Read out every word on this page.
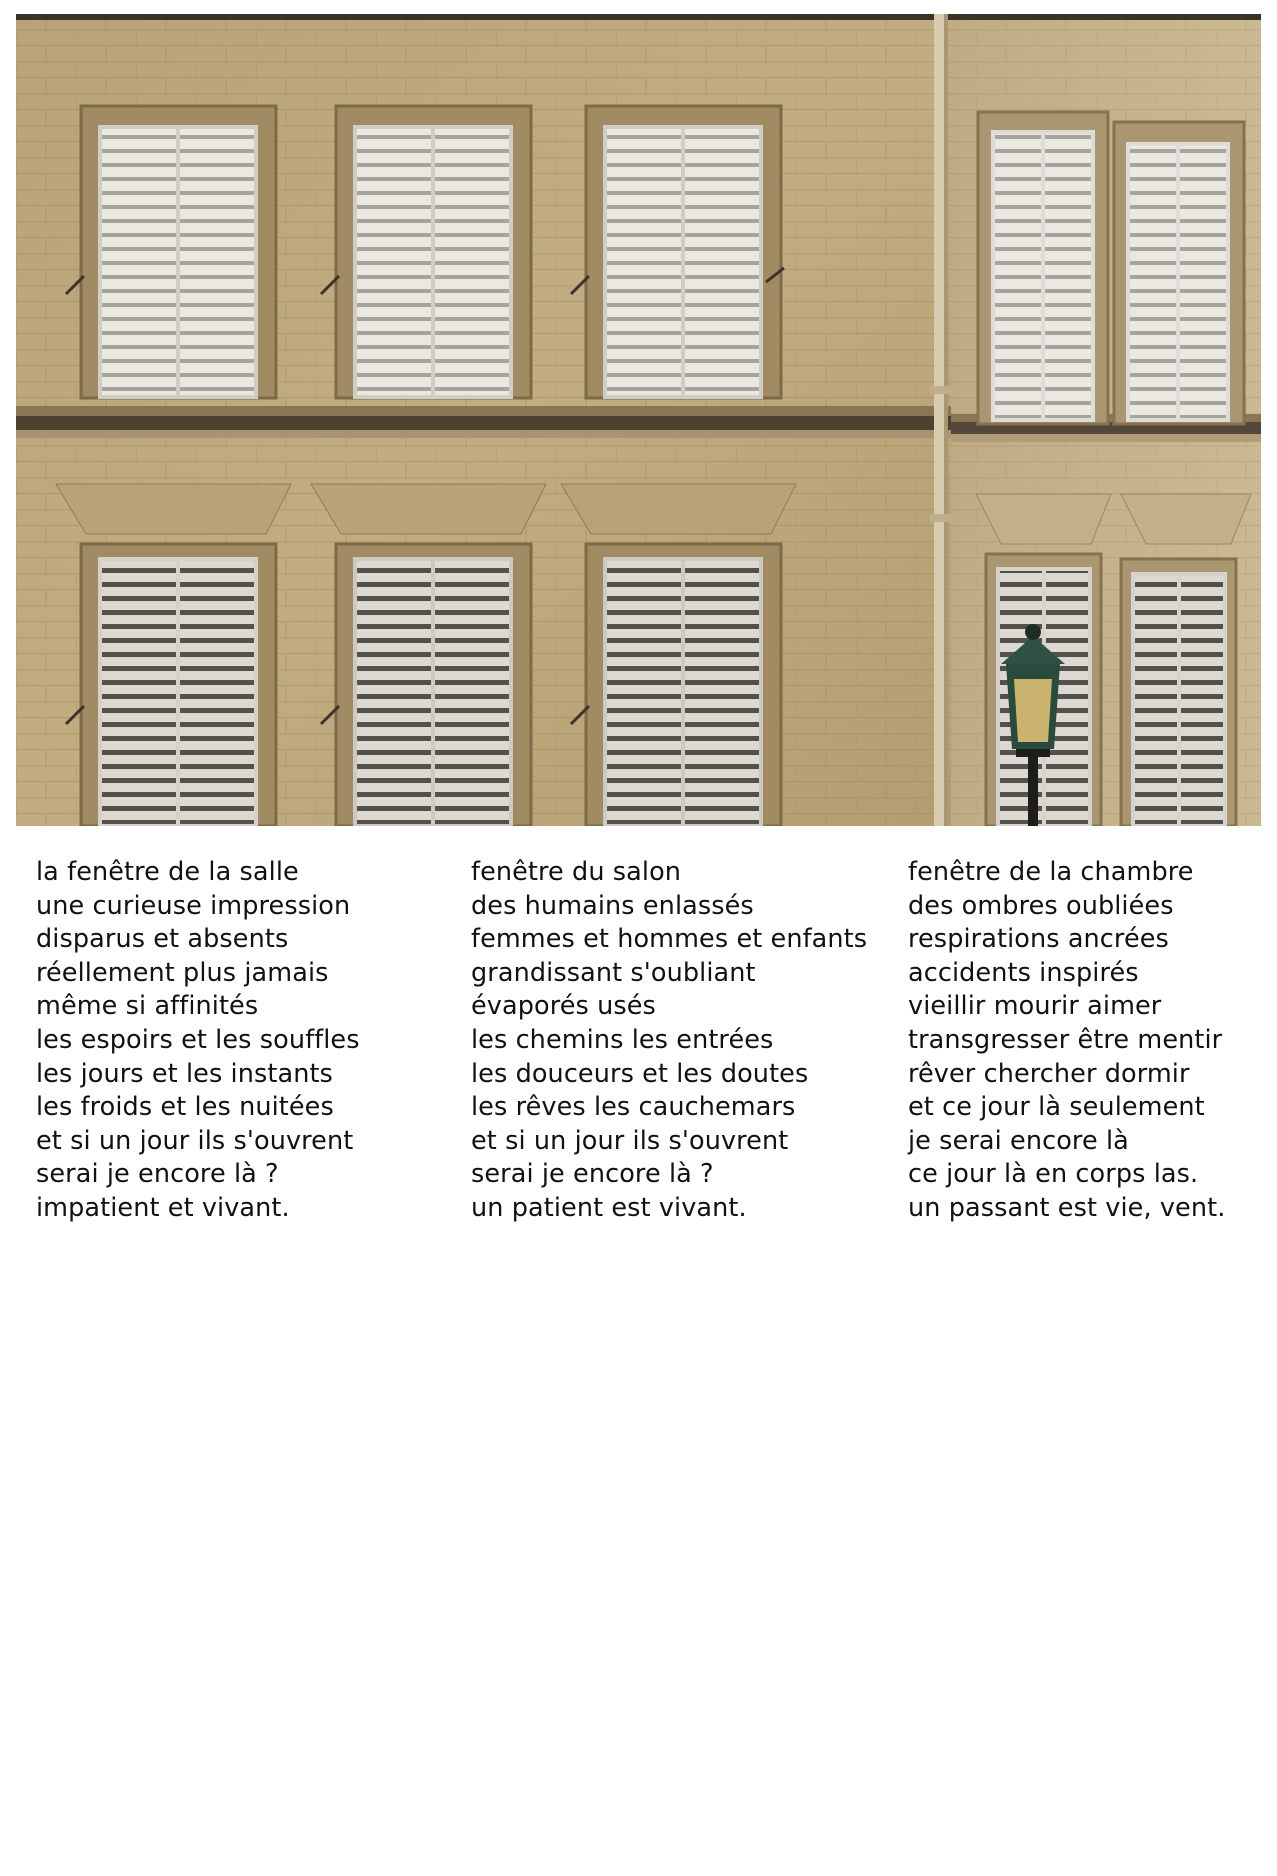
la fenêtre de la salle
une curieuse impression
disparus et absents
réellement plus jamais
même si affinités
les espoirs et les souffles
les jours et les instants
les froids et les nuitées
et si un jour ils s'ouvrent
serai je encore là ?
impatient et vivant.
fenêtre du salon
des humains enlassés
femmes et hommes et enfants
grandissant s'oubliant
évaporés usés
les chemins les entrées
les douceurs et les doutes
les rêves les cauchemars
et si un jour ils s'ouvrent
serai je encore là ?
un patient est vivant.
fenêtre de la chambre
des ombres oubliées
respirations ancrées
accidents inspirés
vieillir mourir aimer
transgresser être mentir
rêver chercher dormir
et ce jour là seulement
je serai encore là
ce jour là en corps las.
un passant est vie, vent.
